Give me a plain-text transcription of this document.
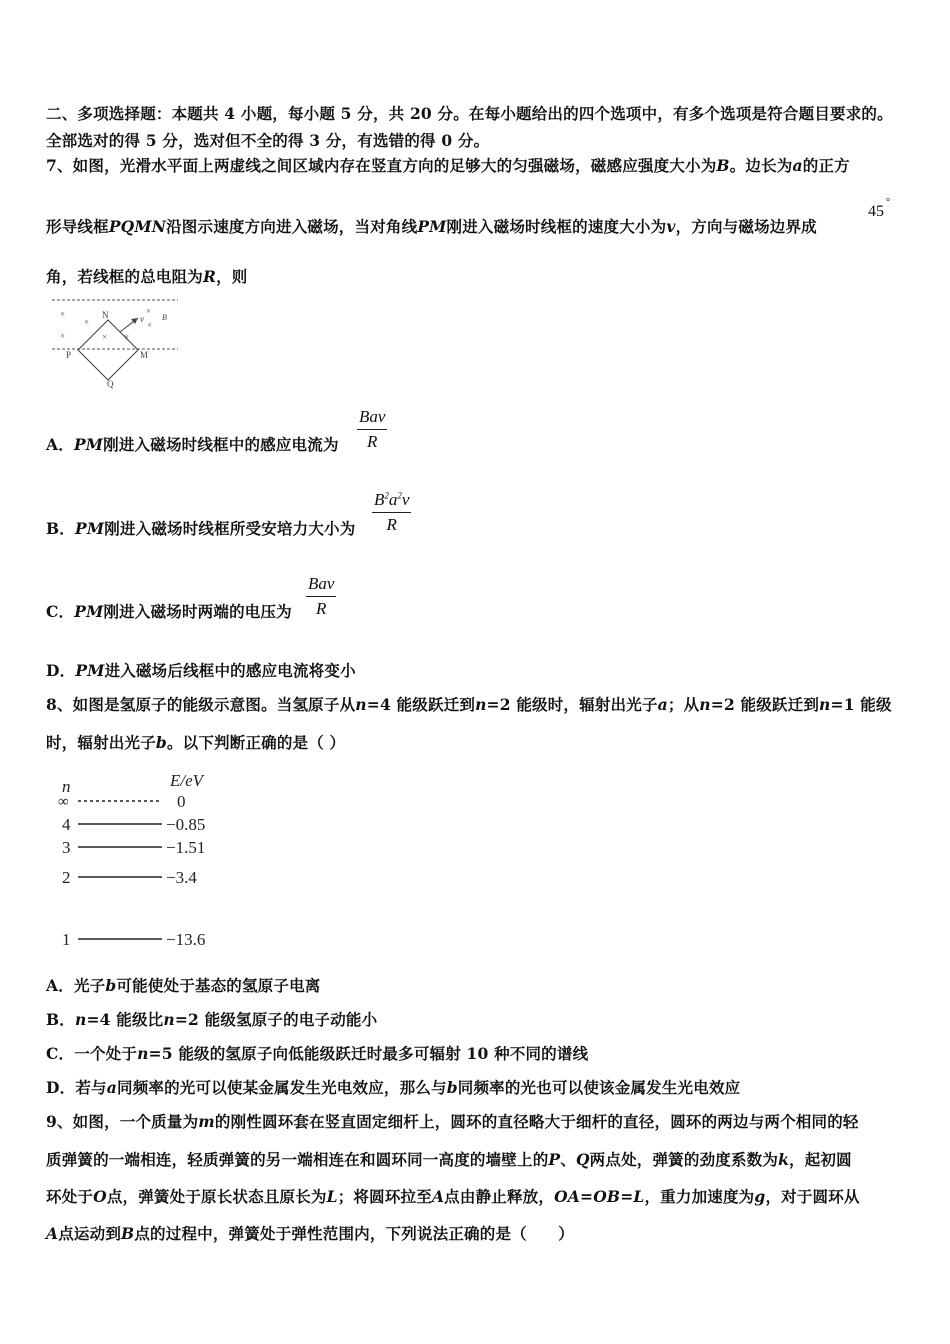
二、多项选择题：本题共 4 小题，每小题 5 分，共 20 分。在每小题给出的四个选项中，有多个选项是符合题目要求的。
全部选对的得 5 分，选对但不全的得 3 分，有选错的得 0 分。
7、如图，光滑水平面上两虚线之间区域内存在竖直方向的足够大的匀强磁场，磁感应强度大小为B。边长为a的正方
形导线框PQMN沿图示速度方向进入磁场，当对角线PM刚进入磁场时线框的速度大小为v，方向与磁场边界成
45
°
角，若线框的总电阻为R，则
×
×
×
× ×
×
×
N	v B
P	M
Q
A．PM刚进入磁场时线框中的感应电流为
Bav
R
B．PM刚进入磁场时线框所受安培力大小为 $\frac{B^2a^2v}{R}$
C．PM刚进入磁场时两端的电压为
Bav
R
D．PM进入磁场后线框中的感应电流将变小
8、如图是氢原子的能级示意图。当氢原子从n=4 能级跃迁到n=2 能级时，辐射出光子a；从n=2 能级跃迁到n=1 能级
时，辐射出光子b。以下判断正确的是（ ）
n	E/eV
∞	0
4	−0.85
3	−1.51
2	−3.4
1	−13.6
A．光子b可能使处于基态的氢原子电离
B．n=4 能级比n=2 能级氢原子的电子动能小
C．一个处于n=5 能级的氢原子向低能级跃迁时最多可辐射 10 种不同的谱线
D．若与a同频率的光可以使某金属发生光电效应，那么与b同频率的光也可以使该金属发生光电效应
9、如图，一个质量为m的刚性圆环套在竖直固定细杆上，圆环的直径略大于细杆的直径，圆环的两边与两个相同的轻
质弹簧的一端相连，轻质弹簧的另一端相连在和圆环同一高度的墙壁上的P、Q两点处，弹簧的劲度系数为k，起初圆
环处于O点，弹簧处于原长状态且原长为L；将圆环拉至A点由静止释放，OA=OB=L，重力加速度为g，对于圆环从
A点运动到B点的过程中，弹簧处于弹性范围内，下列说法正确的是（　　）
